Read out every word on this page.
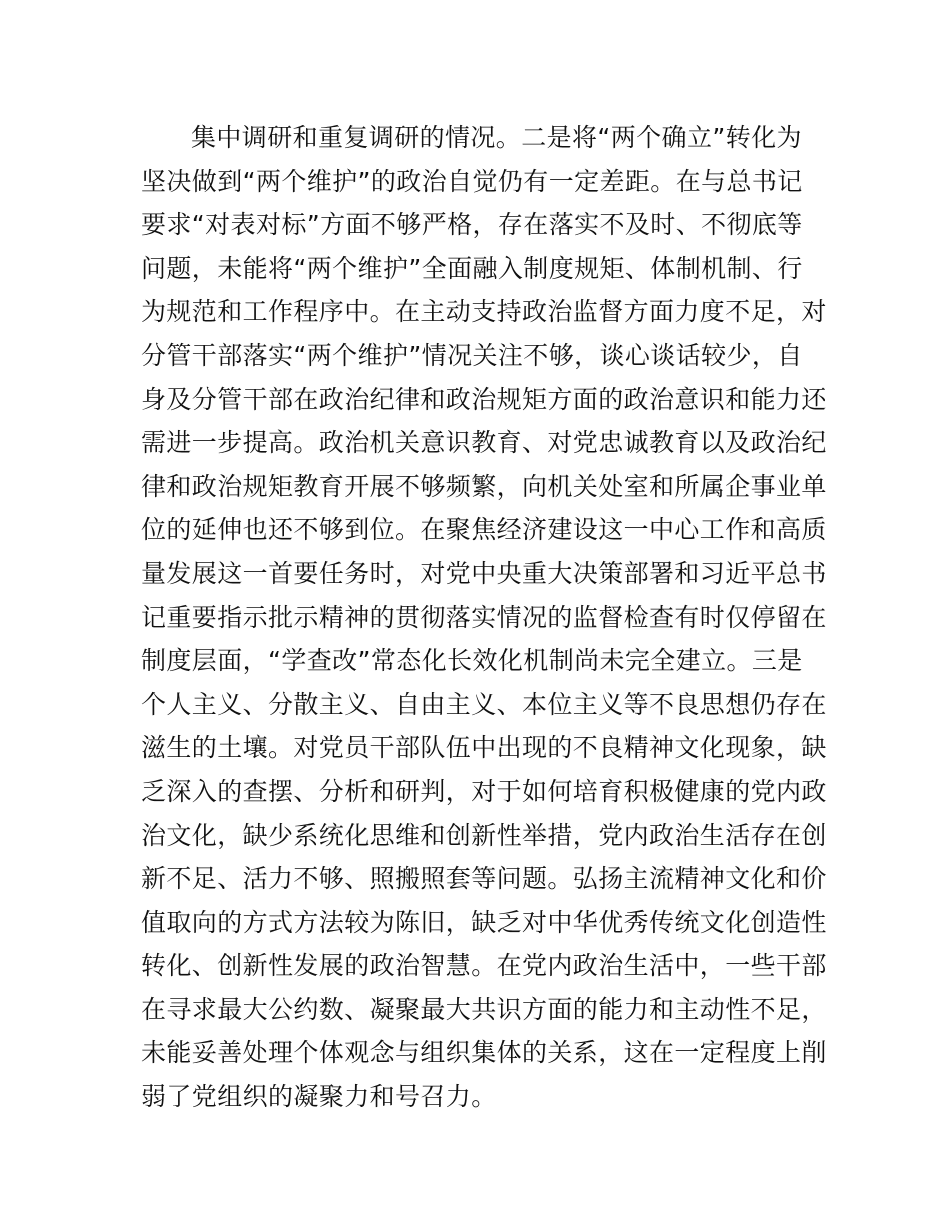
集中调研和重复调研的情况。二是将“两个确立”转化为
坚决做到“两个维护”的政治自觉仍有一定差距。在与总书记
要求“对表对标”方面不够严格，存在落实不及时、不彻底等
问题，未能将“两个维护”全面融入制度规矩、体制机制、行
为规范和工作程序中。在主动支持政治监督方面力度不足，对
分管干部落实“两个维护”情况关注不够，谈心谈话较少，自
身及分管干部在政治纪律和政治规矩方面的政治意识和能力还
需进一步提高。政治机关意识教育、对党忠诚教育以及政治纪
律和政治规矩教育开展不够频繁，向机关处室和所属企事业单
位的延伸也还不够到位。在聚焦经济建设这一中心工作和高质
量发展这一首要任务时，对党中央重大决策部署和习近平总书
记重要指示批示精神的贯彻落实情况的监督检查有时仅停留在
制度层面，“学查改”常态化长效化机制尚未完全建立。三是
个人主义、分散主义、自由主义、本位主义等不良思想仍存在
滋生的土壤。对党员干部队伍中出现的不良精神文化现象，缺
乏深入的查摆、分析和研判，对于如何培育积极健康的党内政
治文化，缺少系统化思维和创新性举措，党内政治生活存在创
新不足、活力不够、照搬照套等问题。弘扬主流精神文化和价
值取向的方式方法较为陈旧，缺乏对中华优秀传统文化创造性
转化、创新性发展的政治智慧。在党内政治生活中，一些干部
在寻求最大公约数、凝聚最大共识方面的能力和主动性不足，
未能妥善处理个体观念与组织集体的关系，这在一定程度上削
弱了党组织的凝聚力和号召力。
